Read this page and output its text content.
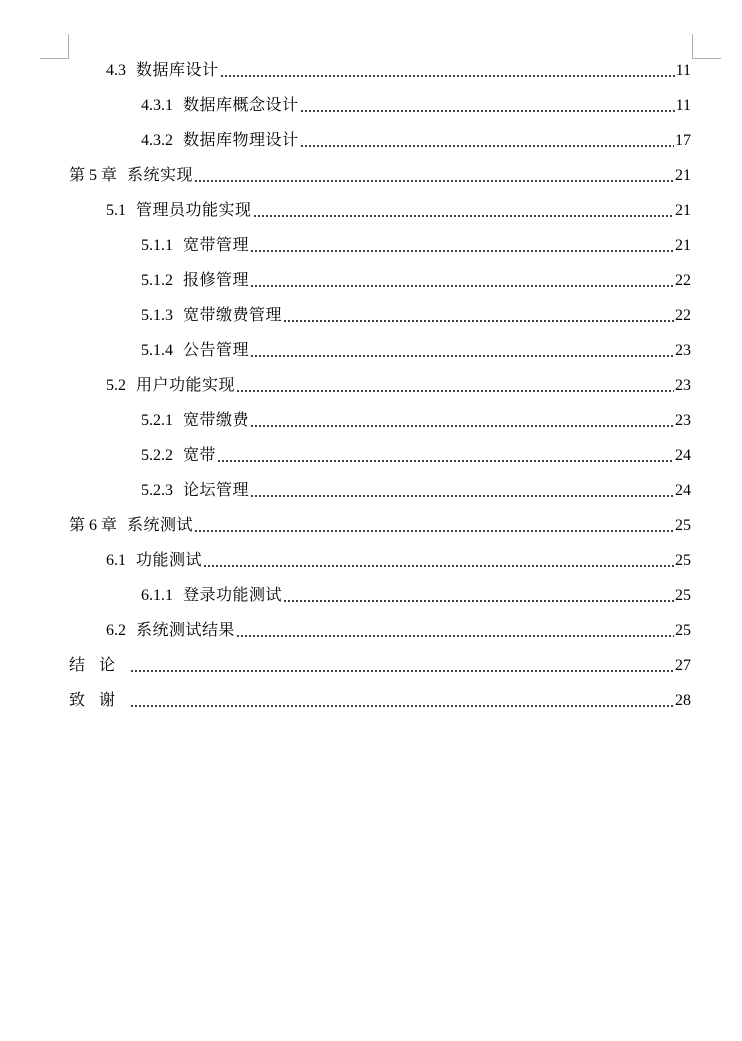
4.3 数据库设计	11
4.3.1 数据库概念设计	11
4.3.2 数据库物理设计	17
第 5 章 系统实现	21
5.1 管理员功能实现	21
5.1.1 宽带管理	21
5.1.2 报修管理	22
5.1.3 宽带缴费管理	22
5.1.4 公告管理	23
5.2 用户功能实现	23
5.2.1 宽带缴费	23
5.2.2 宽带	24
5.2.3 论坛管理	24
第 6 章 系统测试	25
6.1 功能测试	25
6.1.1 登录功能测试	25
6.2 系统测试结果	25
结论	27
致谢	28
